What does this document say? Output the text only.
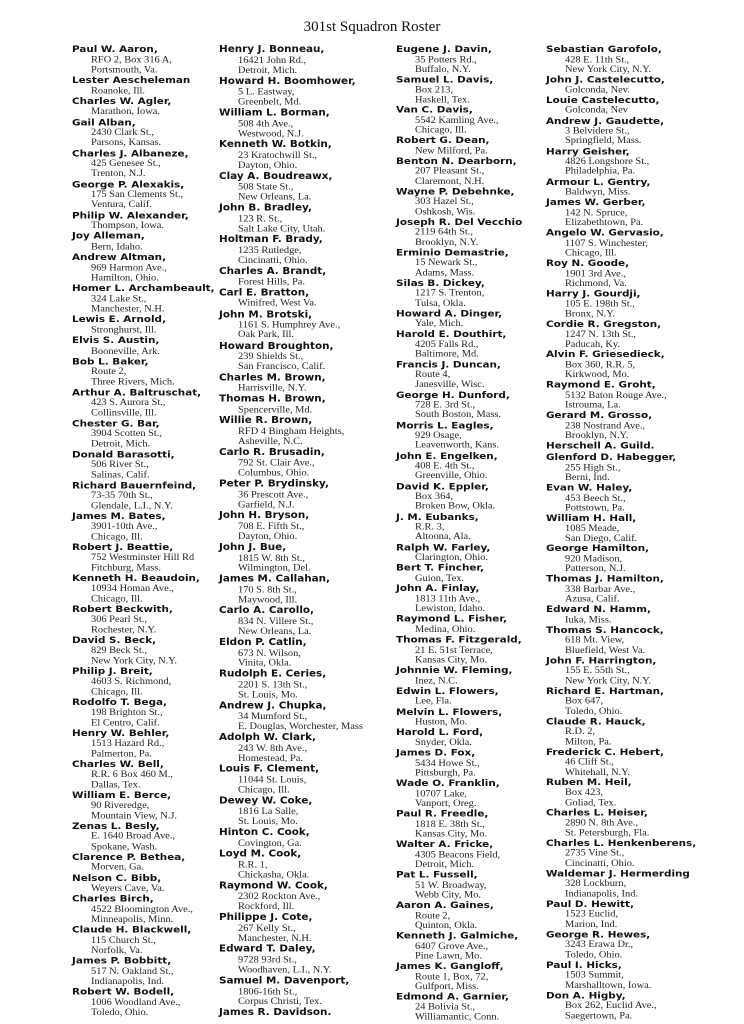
301st Squadron Roster
Paul W. Aaron,
RFO 2, Box 316 A,
Portsmouth, Va.
Lester Aescheleman
Roanoke, Ill.
Charles W. Agler,
Marathon, Iowa.
Gail Alban,
2430 Clark St.,
Parsons, Kansas.
Charles J. Albaneze,
425 Genesee St.,
Trenton, N.J.
George P. Alexakis,
175 San Clements St.,
Ventura, Calif.
Philip W. Alexander,
Thompson, Iowa.
Joy Alleman,
Bern, Idaho.
Andrew Altman,
969 Harmon Ave.,
Hamilton, Ohio.
Homer L. Archambeault,
324 Lake St.,
Manchester, N.H.
Lewis E. Arnold,
Stronghurst, Ill.
Elvis S. Austin,
Booneville, Ark.
Bob L. Baker,
Route 2,
Three Rivers, Mich.
Arthur A. Baltruschat,
423 S. Aurora St.,
Collinsville, Ill.
Chester G. Bar,
3904 Scotten St.,
Detroit, Mich.
Donald Barasotti,
506 River St.,
Salinas, Calif.
Richard Bauernfeind,
73-35 70th St.,
Glendale, L.I., N.Y.
James M. Bates,
3901-10th Ave.,
Chicago, Ill.
Robert J. Beattie,
752 Westminster Hill Rd
Fitchburg, Mass.
Kenneth H. Beaudoin,
10934 Homan Ave.,
Chicago, Ill.
Robert Beckwith,
306 Pearl St.,
Rochester, N.Y.
David S. Beck,
829 Beck St.,
New York City, N.Y.
Philip J. Breit,
4603 S. Richmond,
Chicago, Ill.
Rodolfo T. Bega,
198 Brighton St.,
El Centro, Calif.
Henry W. Behler,
1513 Hazard Rd.,
Palmerton, Pa.
Charles W. Bell,
R.R. 6 Box 460 M.,
Dallas, Tex.
William E. Berce,
90 Riveredge,
Mountain View, N.J.
Zenas L. Besly,
E. 1640 Broad Ave.,
Spokane, Wash.
Clarence P. Bethea,
Morven, Ga.
Nelson C. Bibb,
Weyers Cave, Va.
Charles Birch,
4522 Bloomington Ave.,
Minneapolis, Minn.
Claude H. Blackwell,
115 Church St.,
Norfolk, Va.
James P. Bobbitt,
517 N. Oakland St.,
Indianapolis, Ind.
Robert W. Bodell,
1006 Woodland Ave.,
Toledo, Ohio.
Henry J. Bonneau,
16421 John Rd.,
Detroit, Mich.
Howard H. Boomhower,
5 L. Eastway,
Greenbelt, Md.
William L. Borman,
508 4th Ave.,
Westwood, N.J.
Kenneth W. Botkin,
23 Kratochwill St.,
Dayton, Ohio.
Clay A. Boudreawx,
508 State St.,
New Orleans, La.
John B. Bradley,
123 R. St.,
Salt Lake City, Utah.
Holtman F. Brady,
1235 Rutledge,
Cincinatti, Ohio.
Charles A. Brandt,
Forest Hills, Pa.
Carl E. Bratton,
Winifred, West Va.
John M. Brotski,
1161 S. Humphrey Ave.,
Oak Park, Ill.
Howard Broughton,
239 Shields St.,
San Francisco, Calif.
Charles M. Brown,
Harrisville, N.Y.
Thomas H. Brown,
Spencerville, Md.
Willie R. Brown,
RFD 4 Bingham Heights,
Asheville, N.C.
Carlo R. Brusadin,
792 St. Clair Ave.,
Columbus, Ohio.
Peter P. Brydinsky,
36 Prescott Ave.,
Garfield, N.J.
John H. Bryson,
708 E. Fifth St.,
Dayton, Ohio.
John J. Bue,
1815 W. 8th St.,
Wilmington, Del.
James M. Callahan,
170 S. 8th St.,
Maywood, Ill.
Carlo A. Carollo,
834 N. Villere St.,
New Orleans, La.
Eldon P. Catlin,
673 N. Wilson,
Vinita, Okla.
Rudolph E. Ceries,
2201 S. 13th St.,
St. Louis, Mo.
Andrew J. Chupka,
34 Mumford St.,
E. Douglas, Worchester, Mass
Adolph W. Clark,
243 W. 8th Ave.,
Homestead, Pa.
Louis F. Clement,
11044 St. Louis,
Chicago, Ill.
Dewey W. Coke,
1816 La Salle,
St. Louis, Mo.
Hinton C. Cook,
Covington, Ga.
Loyd M. Cook,
R.R. 1,
Chickasha, Okla.
Raymond W. Cook,
2302 Rockton Ave.,
Rockford, Ill.
Philippe J. Cote,
267 Kelly St.,
Manchester, N.H.
Edward T. Daley,
9728 93rd St.,
Woodhaven, L.I., N.Y.
Samuel M. Davenport,
1806-16th St.,
Corpus Christi, Tex.
James R. Davidson.
Eugene J. Davin,
35 Potters Rd.,
Buffalo, N.Y.
Samuel L. Davis,
Box 213,
Haskell, Tex.
Van C. Davis,
5542 Kamling Ave.,
Chicago, Ill.
Robert G. Dean,
New Milford, Pa.
Benton N. Dearborn,
207 Pleasant St.,
Claremont, N.H.
Wayne P. Debehnke,
303 Hazel St.,
Oshkosh, Wis.
Joseph R. Del Vecchio
2119 64th St.,
Brooklyn, N.Y.
Erminio Demastrie,
15 Newark St.,
Adams, Mass.
Silas B. Dickey,
1217 S. Trenton,
Tulsa, Okla.
Howard A. Dinger,
Yale, Mich.
Harold E. Douthirt,
4205 Falls Rd.,
Baltimore, Md.
Francis J. Duncan,
Route 4,
Janesville, Wisc.
George H. Dunford,
728 E. 3rd St.,
South Boston, Mass.
Morris L. Eagles,
929 Osage,
Leavenworth, Kans.
John E. Engelken,
408 E. 4th St.,
Greenville, Ohio.
David K. Eppler,
Box 364,
Broken Bow, Okla.
J. M. Eubanks,
R.R. 3,
Altoona, Ala.
Ralph W. Farley,
Clarington, Ohio.
Bert T. Fincher,
Guion, Tex.
John A. Finlay,
1813 11th Ave.,
Lewiston, Idaho.
Raymond L. Fisher,
Medina, Ohio.
Thomas F. Fitzgerald,
21 E. 51st Terrace,
Kansas City, Mo.
Johnnie W. Fleming,
Inez, N.C.
Edwin L. Flowers,
Lee, Fla.
Melvin L. Flowers,
Huston, Mo.
Harold L. Ford,
Snyder, Okla.
James D. Fox,
5434 Howe St.,
Pittsburgh, Pa.
Wade O. Franklin,
10707 Lake,
Vanport, Oreg.
Paul R. Freedle,
1818 E. 38th St.,
Kansas City, Mo.
Walter A. Fricke,
4305 Beacons Field,
Detroit, Mich.
Pat L. Fussell,
51 W. Broadway,
Webb City, Mo.
Aaron A. Gaines,
Route 2,
Quinton, Okla.
Kenneth J. Galmiche,
6407 Grove Ave.,
Pine Lawn, Mo.
James K. Gangloff,
Route 1, Box, 72,
Gulfport, Miss.
Edmond A. Garnier,
24 Bolivia St.,
Williamantic, Conn.
Sebastian Garofolo,
428 E. 11th St.,
New York City, N.Y.
John J. Castelecutto,
Golconda, Nev.
Louie Castelecutto,
Golconda, Nev
Andrew J. Gaudette,
3 Belvidere St.,
Springfield, Mass.
Harry Geisher,
4826 Longshore St.,
Philadelphia, Pa.
Armour L. Gentry,
Baldwyn, Miss.
James W. Gerber,
142 N. Spruce,
Elizabethtown, Pa.
Angelo W. Gervasio,
1107 S. Winchester,
Chicago, Ill.
Roy N. Goode,
1901 3rd Ave.,
Richmond, Va.
Harry J. Gourdji,
105 E. 198th St.,
Bronx, N.Y.
Cordie R. Gregston,
1247 N. 13th St.,
Paducah, Ky.
Alvin F. Griesedieck,
Box 360, R.R. 5,
Kirkwood, Mo.
Raymond E. Groht,
5132 Baton Rouge Ave.,
Istrouma, La.
Gerard M. Grosso,
238 Nostrand Ave.,
Brooklyn, N.Y.
Herschell A. Guild.
Glenford D. Habegger,
255 High St.,
Berni, Ind.
Evan W. Haley,
453 Beech St.,
Pottstown, Pa.
William H. Hall,
1085 Meade,
San Diego, Calif.
George Hamilton,
920 Madison,
Patterson, N.J.
Thomas J. Hamilton,
338 Barbar Ave.,
Azusa, Calif.
Edward N. Hamm,
Iuka, Miss.
Thomas S. Hancock,
618 Mt. View,
Bluefield, West Va.
John F. Harrington,
155 E. 55th St.,
New York City, N.Y.
Richard E. Hartman,
Box 647,
Toledo, Ohio.
Claude R. Hauck,
R.D. 2,
Milton, Pa.
Frederick C. Hebert,
46 Cliff St.,
Whitehall, N.Y.
Ruben M. Heil,
Box 423,
Goliad, Tex.
Charles L. Heiser,
2890 N. 8th Ave.,
St. Petersburgh, Fla.
Charles L. Henkenberens,
2735 Vine St.,
Cincinatti, Ohio.
Waldemar J. Hermerding
328 Lockburn,
Indianapolis, Ind.
Paul D. Hewitt,
1523 Euclid,
Marion, Ind.
George R. Hewes,
3243 Erawa Dr.,
Toledo, Ohio.
Paul I. Hicks,
1503 Summit,
Marshalltown, Iowa.
Don A. Higby,
Box 262, Euclid Ave.,
Saegertown, Pa.
